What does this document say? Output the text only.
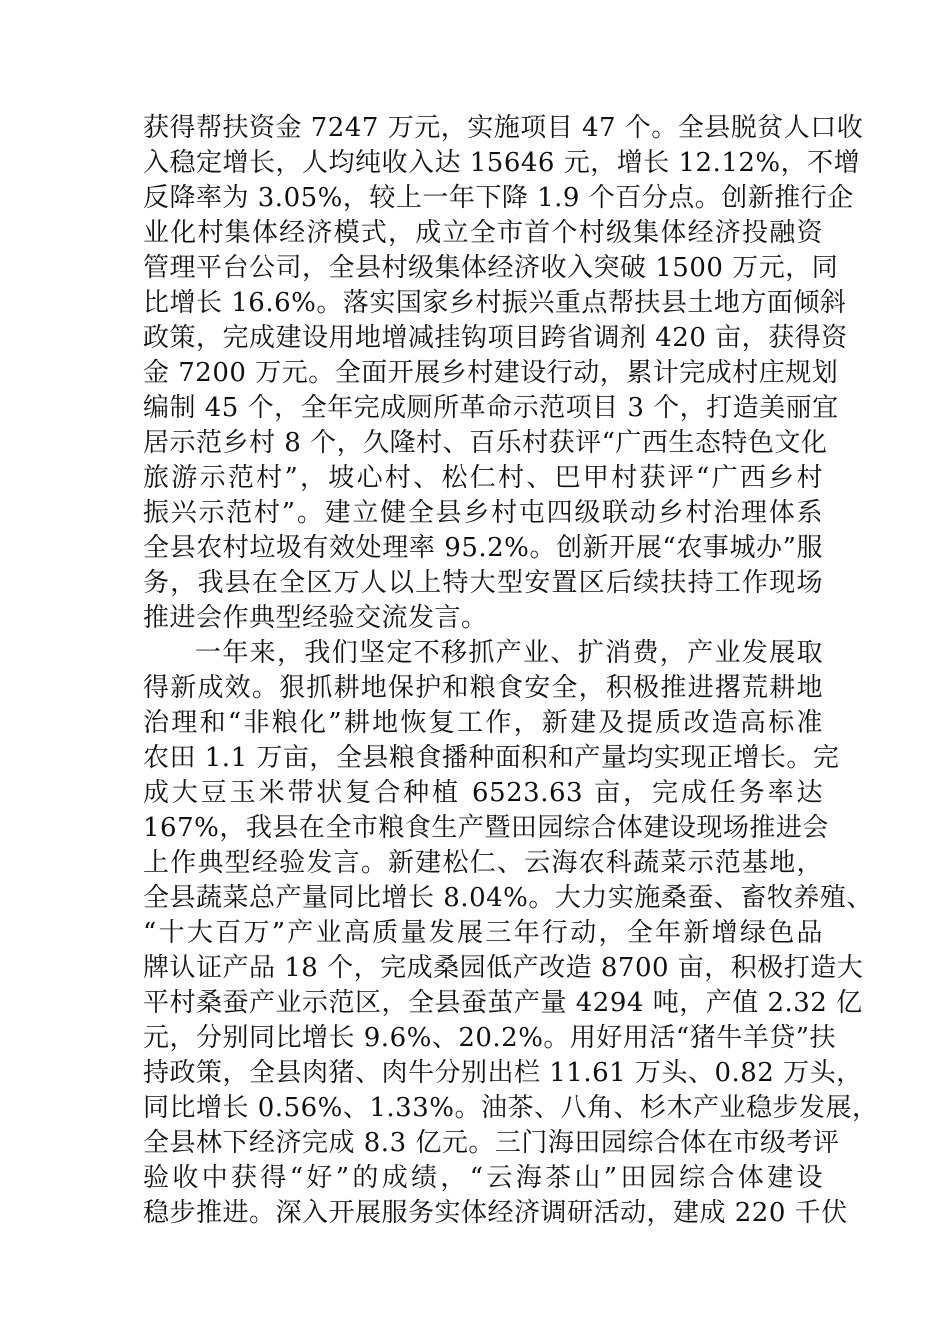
获得帮扶资金 7247 万元，实施项目 47 个。全县脱贫人口收
入稳定增长，人均纯收入达 15646 元，增长 12.12%，不增
反降率为 3.05%，较上一年下降 1.9 个百分点。创新推行企
业化村集体经济模式，成立全市首个村级集体经济投融资
管理平台公司，全县村级集体经济收入突破 1500 万元，同
比增长 16.6%。落实国家乡村振兴重点帮扶县土地方面倾斜
政策，完成建设用地增减挂钩项目跨省调剂 420 亩，获得资
金 7200 万元。全面开展乡村建设行动，累计完成村庄规划
编制 45 个，全年完成厕所革命示范项目 3 个，打造美丽宜
居示范乡村 8 个，久隆村、百乐村获评“广西生态特色文化
旅游示范村”，坡心村、松仁村、巴甲村获评“广西乡村
振兴示范村”。建立健全县乡村屯四级联动乡村治理体系
全县农村垃圾有效处理率 95.2%。创新开展“农事城办”服
务，我县在全区万人以上特大型安置区后续扶持工作现场
推进会作典型经验交流发言。
一年来，我们坚定不移抓产业、扩消费，产业发展取
得新成效。狠抓耕地保护和粮食安全，积极推进撂荒耕地
治理和“非粮化”耕地恢复工作，新建及提质改造高标准
农田 1.1 万亩，全县粮食播种面积和产量均实现正增长。完
成大豆玉米带状复合种植 6523.63 亩，完成任务率达
167%，我县在全市粮食生产暨田园综合体建设现场推进会
上作典型经验发言。新建松仁、云海农科蔬菜示范基地，
全县蔬菜总产量同比增长 8.04%。大力实施桑蚕、畜牧养殖、
“十大百万”产业高质量发展三年行动，全年新增绿色品
牌认证产品 18 个，完成桑园低产改造 8700 亩，积极打造大
平村桑蚕产业示范区，全县蚕茧产量 4294 吨，产值 2.32 亿
元，分别同比增长 9.6%、20.2%。用好用活“猪牛羊贷”扶
持政策，全县肉猪、肉牛分别出栏 11.61 万头、0.82 万头，
同比增长 0.56%、1.33%。油茶、八角、杉木产业稳步发展，
全县林下经济完成 8.3 亿元。三门海田园综合体在市级考评
验收中获得“好”的成绩，“云海茶山”田园综合体建设
稳步推进。深入开展服务实体经济调研活动，建成 220 千伏
